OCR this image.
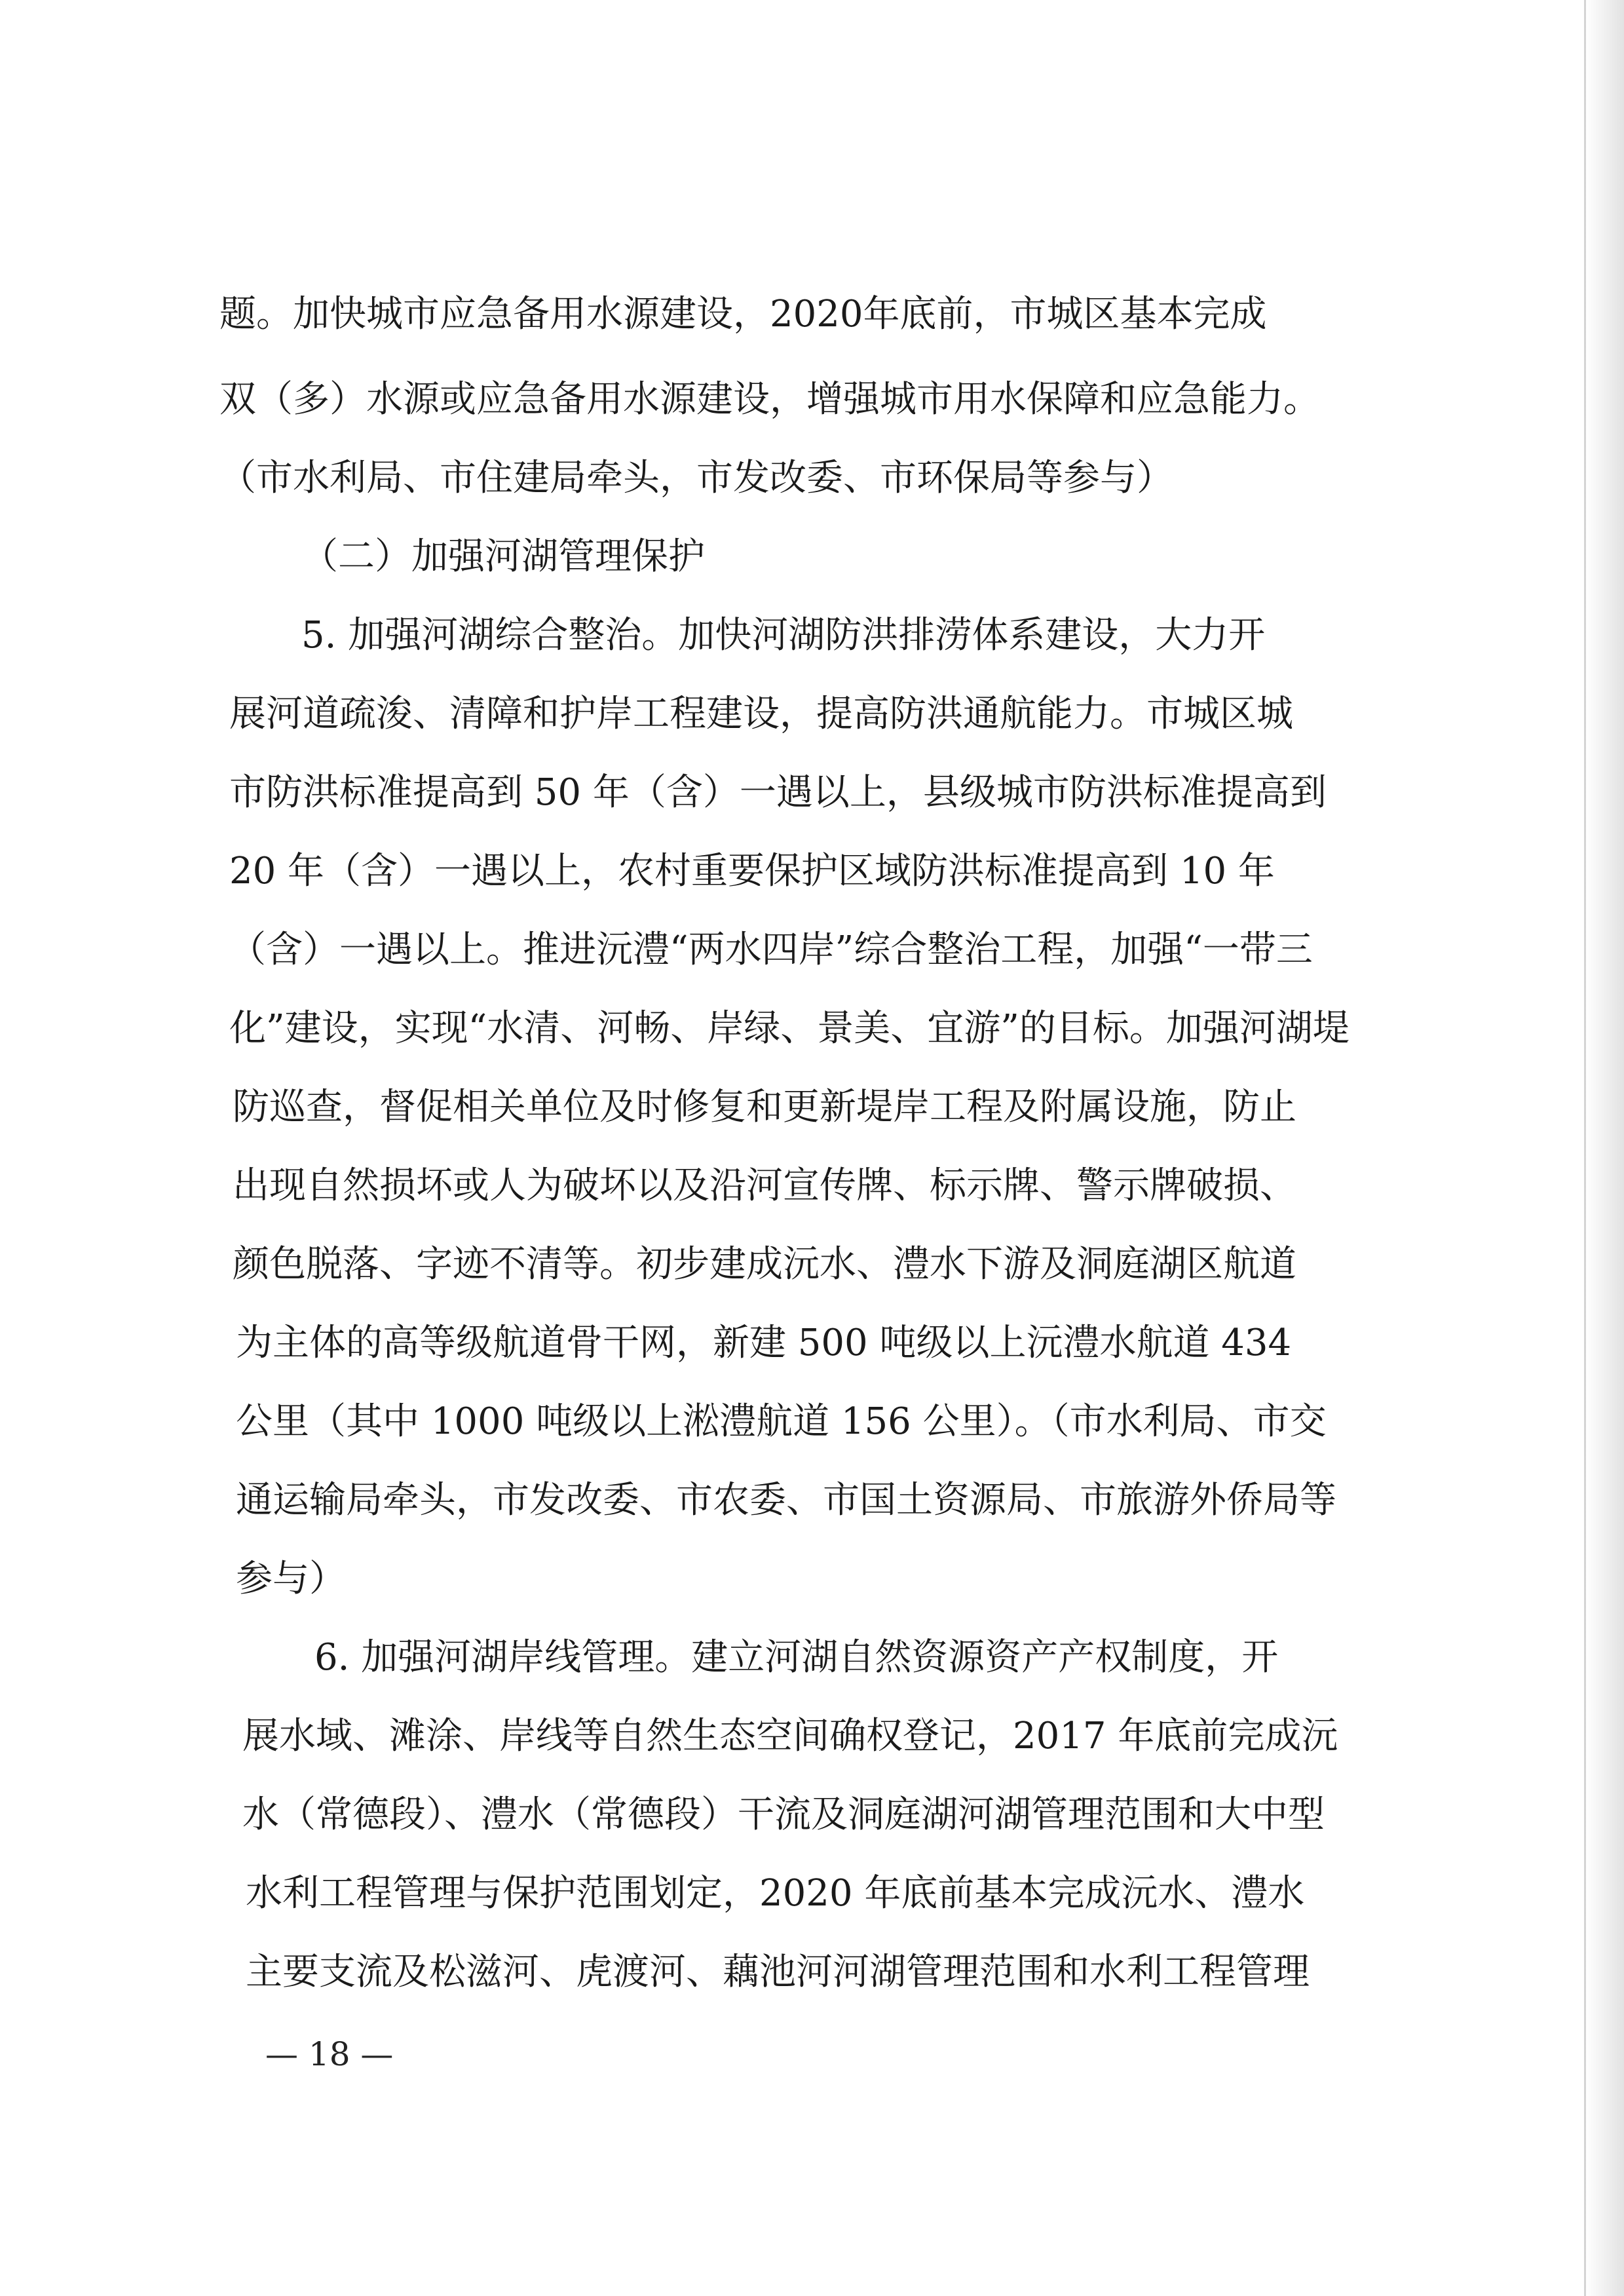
题。加快城市应急备用水源建设，2020年底前，市城区基本完成
双（多）水源或应急备用水源建设，增强城市用水保障和应急能力。
（市水利局、市住建局牵头，市发改委、市环保局等参与）
（二）加强河湖管理保护
5. 加强河湖综合整治。加快河湖防洪排涝体系建设，大力开
展河道疏浚、清障和护岸工程建设，提高防洪通航能力。市城区城
市防洪标准提高到 50 年（含）一遇以上，县级城市防洪标准提高到
20 年（含）一遇以上，农村重要保护区域防洪标准提高到 10 年
（含）一遇以上。推进沅澧“两水四岸”综合整治工程，加强“一带三
化”建设，实现“水清、河畅、岸绿、景美、宜游”的目标。加强河湖堤
防巡查，督促相关单位及时修复和更新堤岸工程及附属设施，防止
出现自然损坏或人为破坏以及沿河宣传牌、标示牌、警示牌破损、
颜色脱落、字迹不清等。初步建成沅水、澧水下游及洞庭湖区航道
为主体的高等级航道骨干网，新建 500 吨级以上沅澧水航道 434
公里（其中 1000 吨级以上淞澧航道 156 公里）。（市水利局、市交
通运输局牵头，市发改委、市农委、市国土资源局、市旅游外侨局等
参与）
6. 加强河湖岸线管理。建立河湖自然资源资产产权制度，开
展水域、滩涂、岸线等自然生态空间确权登记，2017 年底前完成沅
水（常德段）、澧水（常德段）干流及洞庭湖河湖管理范围和大中型
水利工程管理与保护范围划定，2020 年底前基本完成沅水、澧水
主要支流及松滋河、虎渡河、藕池河河湖管理范围和水利工程管理
— 18 —
